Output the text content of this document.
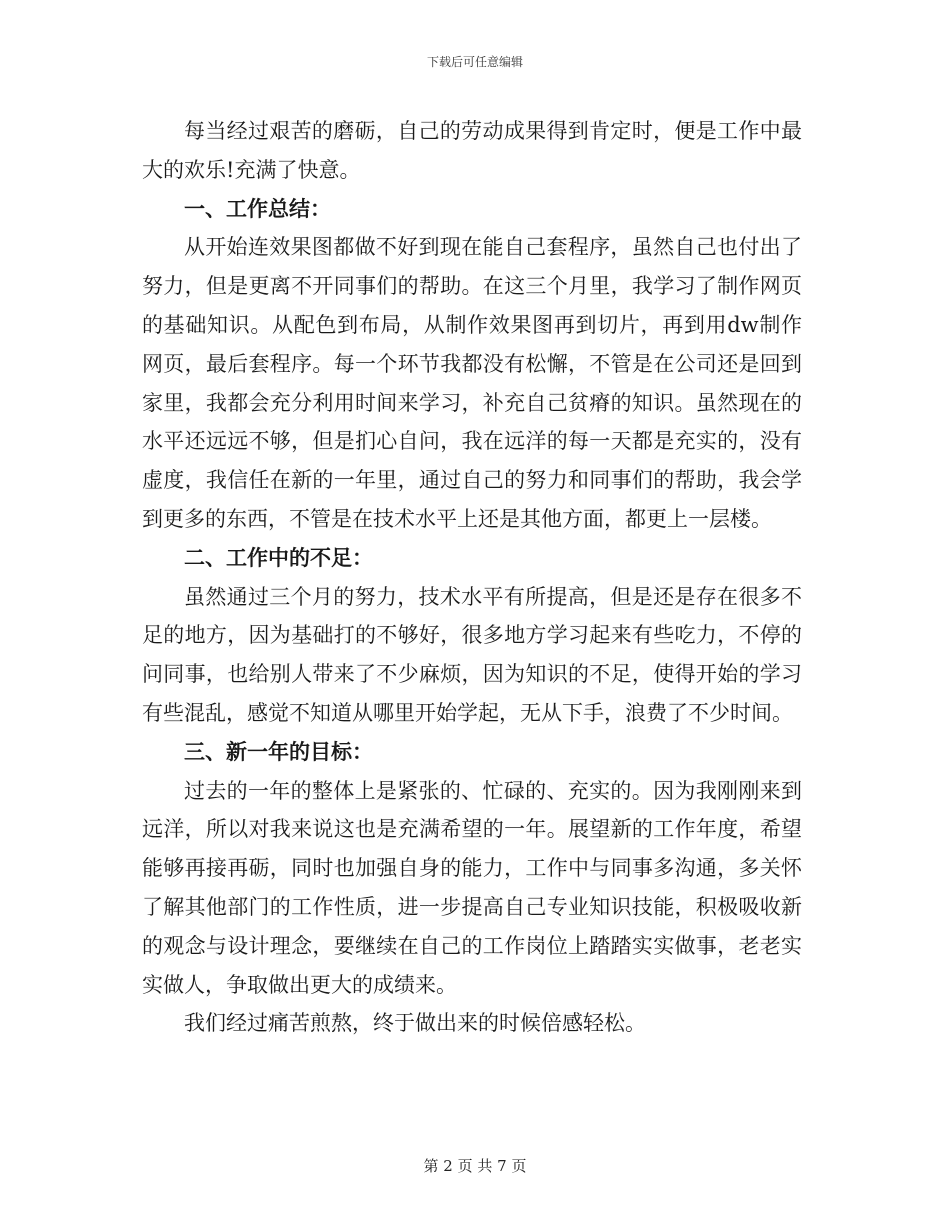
下载后可任意编辑

每当经过艰苦的磨砺，自己的劳动成果得到肯定时，便是工作中最大的欢乐!充满了快意。

一、工作总结：

从开始连效果图都做不好到现在能自己套程序，虽然自己也付出了努力，但是更离不开同事们的帮助。在这三个月里，我学习了制作网页的基础知识。从配色到布局，从制作效果图再到切片，再到用dw制作网页，最后套程序。每一个环节我都没有松懈，不管是在公司还是回到家里，我都会充分利用时间来学习，补充自己贫瘠的知识。虽然现在的水平还远远不够，但是扪心自问，我在远洋的每一天都是充实的，没有虚度，我信任在新的一年里，通过自己的努力和同事们的帮助，我会学到更多的东西，不管是在技术水平上还是其他方面，都更上一层楼。

二、工作中的不足：

虽然通过三个月的努力，技术水平有所提高，但是还是存在很多不足的地方，因为基础打的不够好，很多地方学习起来有些吃力，不停的问同事，也给别人带来了不少麻烦，因为知识的不足，使得开始的学习有些混乱，感觉不知道从哪里开始学起，无从下手，浪费了不少时间。

三、新一年的目标：

过去的一年的整体上是紧张的、忙碌的、充实的。因为我刚刚来到远洋，所以对我来说这也是充满希望的一年。展望新的工作年度，希望能够再接再砺，同时也加强自身的能力，工作中与同事多沟通，多关怀了解其他部门的工作性质，进一步提高自己专业知识技能，积极吸收新的观念与设计理念，要继续在自己的工作岗位上踏踏实实做事，老老实实做人，争取做出更大的成绩来。

我们经过痛苦煎熬，终于做出来的时候倍感轻松。

第 2 页 共 7 页
